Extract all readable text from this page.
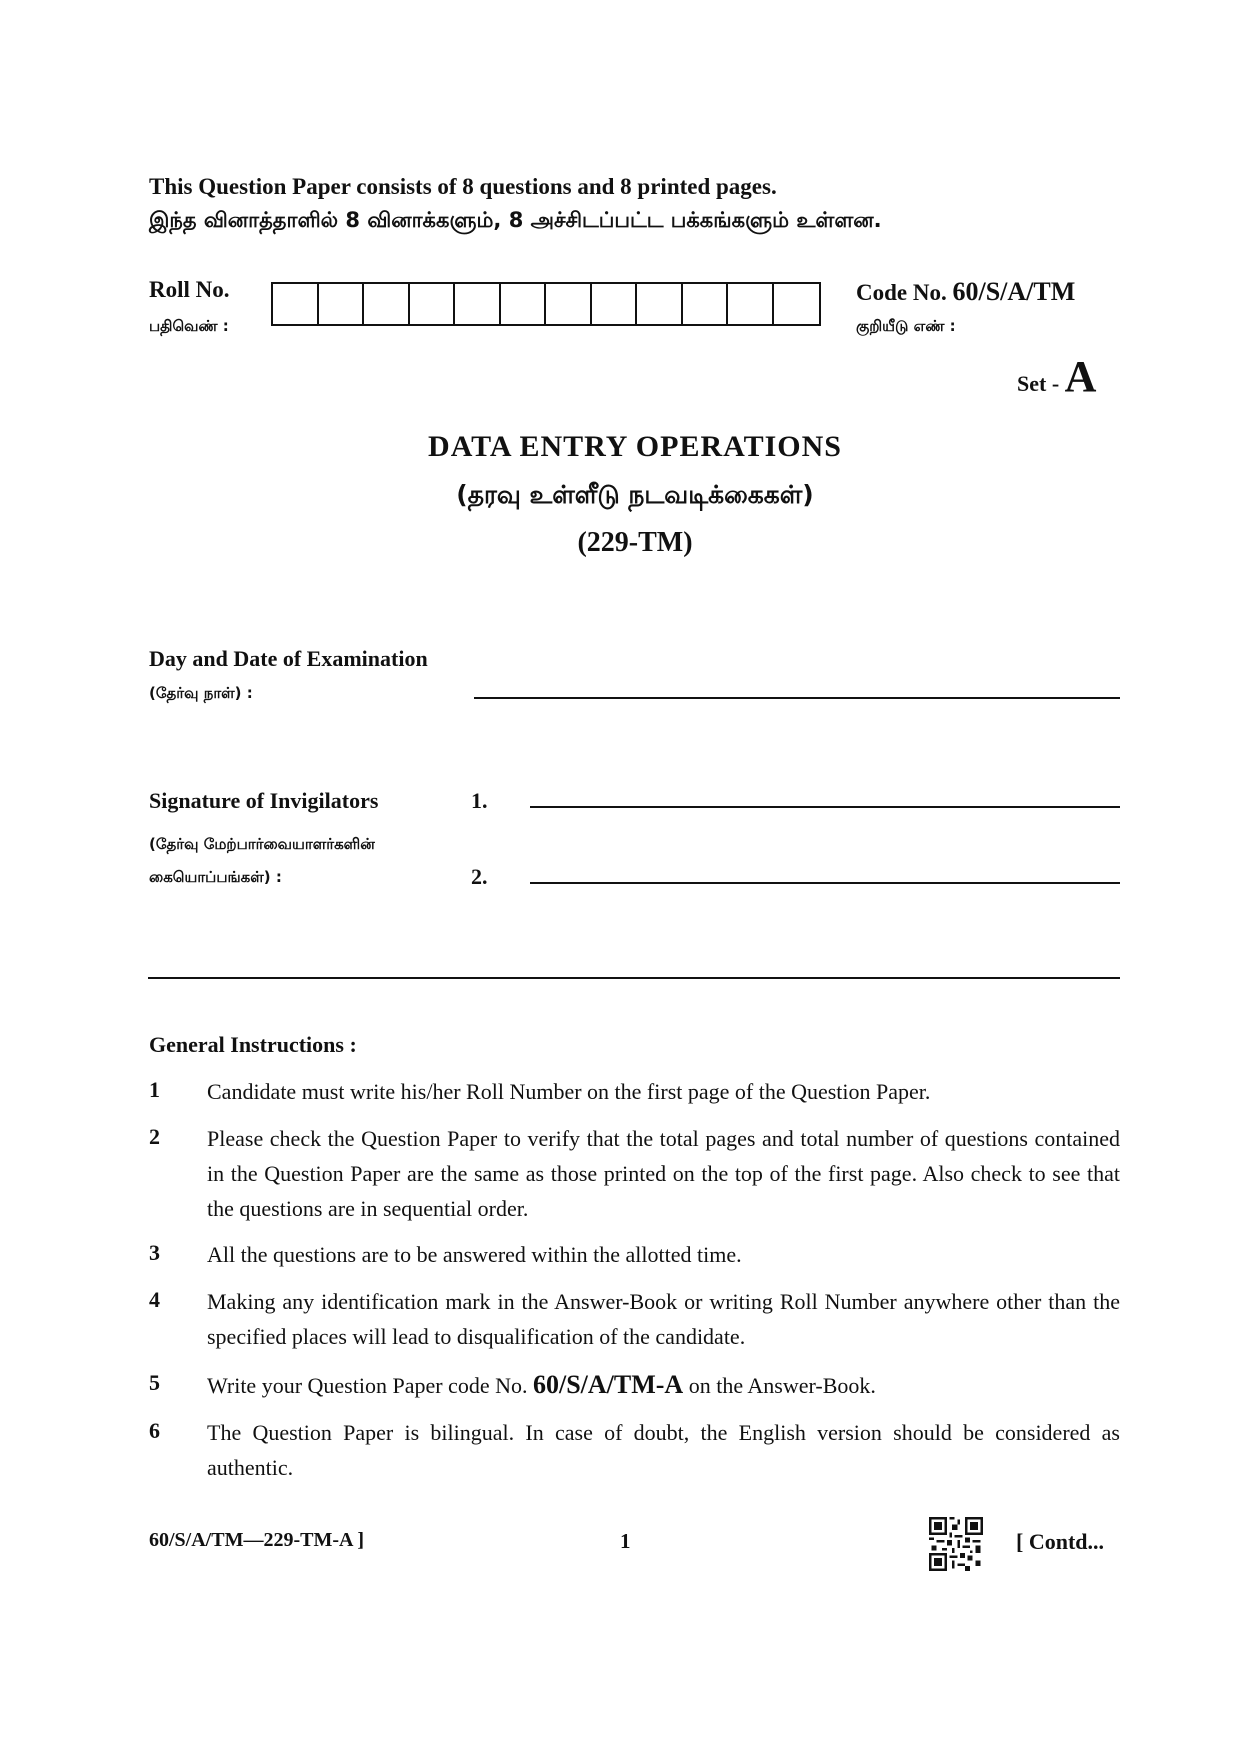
This Question Paper consists of 8 questions and 8 printed pages.
இந்த வினாத்தாளில் 8 வினாக்களும், 8 அச்சிடப்பட்ட பக்கங்களும் உள்ளன.
Roll No.
பதிவெண் :
Code No. 60/S/A/TM
குறியீடு எண் :
Set - A
DATA ENTRY OPERATIONS
(தரவு உள்ளீடு நடவடிக்கைகள்)
(229-TM)
Day and Date of Examination
(தேர்வு நாள்) :
Signature of Invigilators
(தேர்வு மேற்பார்வையாளர்களின்
கையொப்பங்கள்) :
1.
2.
General Instructions :
1 Candidate must write his/her Roll Number on the first page of the Question Paper.
2 Please check the Question Paper to verify that the total pages and total number of questions contained in the Question Paper are the same as those printed on the top of the first page. Also check to see that the questions are in sequential order.
3 All the questions are to be answered within the allotted time.
4 Making any identification mark in the Answer-Book or writing Roll Number anywhere other than the specified places will lead to disqualification of the candidate.
5 Write your Question Paper code No. 60/S/A/TM-A on the Answer-Book.
6 The Question Paper is bilingual. In case of doubt, the English version should be considered as authentic.
60/S/A/TM—229-TM-A ]	1	[ Contd...
